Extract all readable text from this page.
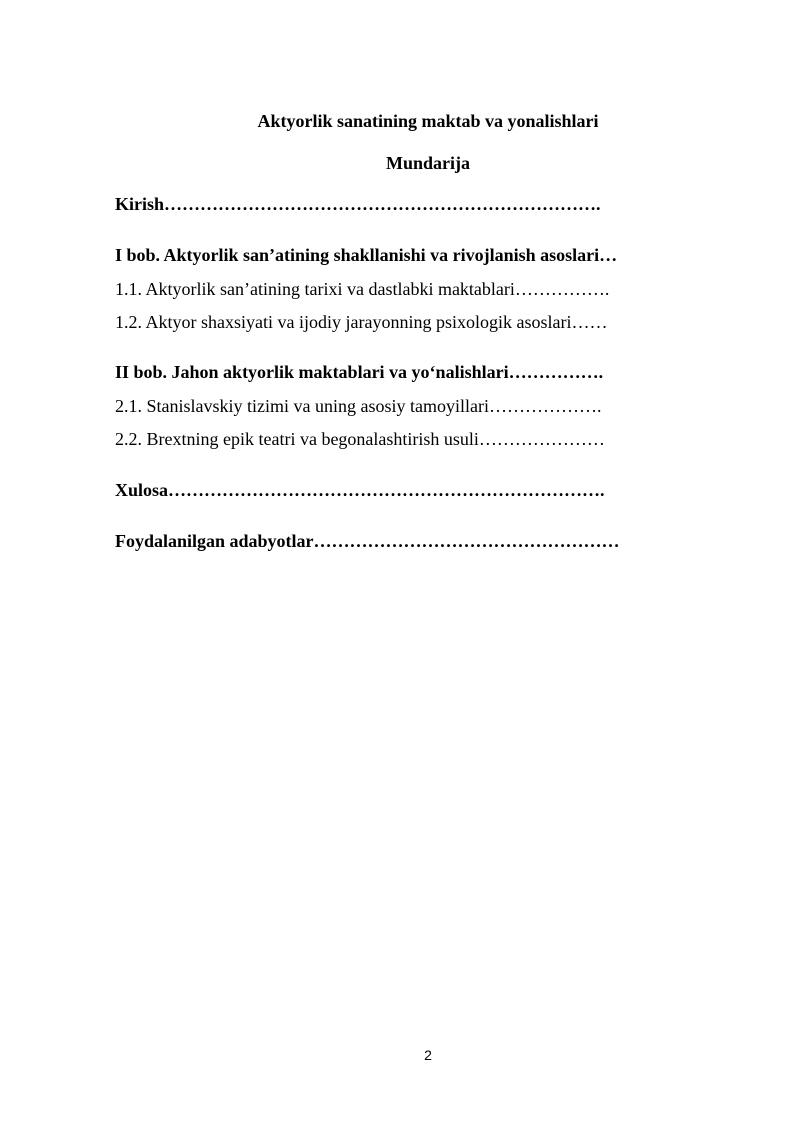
Aktyorlik sanatining maktab va yonalishlari
Mundarija
Kirish……………………………………………………………….
I bob. Aktyorlik san’atining shakllanishi va rivojlanish asoslari…
1.1. Aktyorlik san’atining tarixi va dastlabki maktablari…………….
1.2. Aktyor shaxsiyati va ijodiy jarayonning psixologik asoslari……
II bob. Jahon aktyorlik maktablari va yo‘nalishlari…………….
2.1. Stanislavskiy tizimi va uning asosiy tamoyillari……………….
2.2. Brextning epik teatri va begonalashtirish usuli…………………
Xulosa……………………………………………………………….
Foydalanilgan adabyotlar……………………………………………
2
